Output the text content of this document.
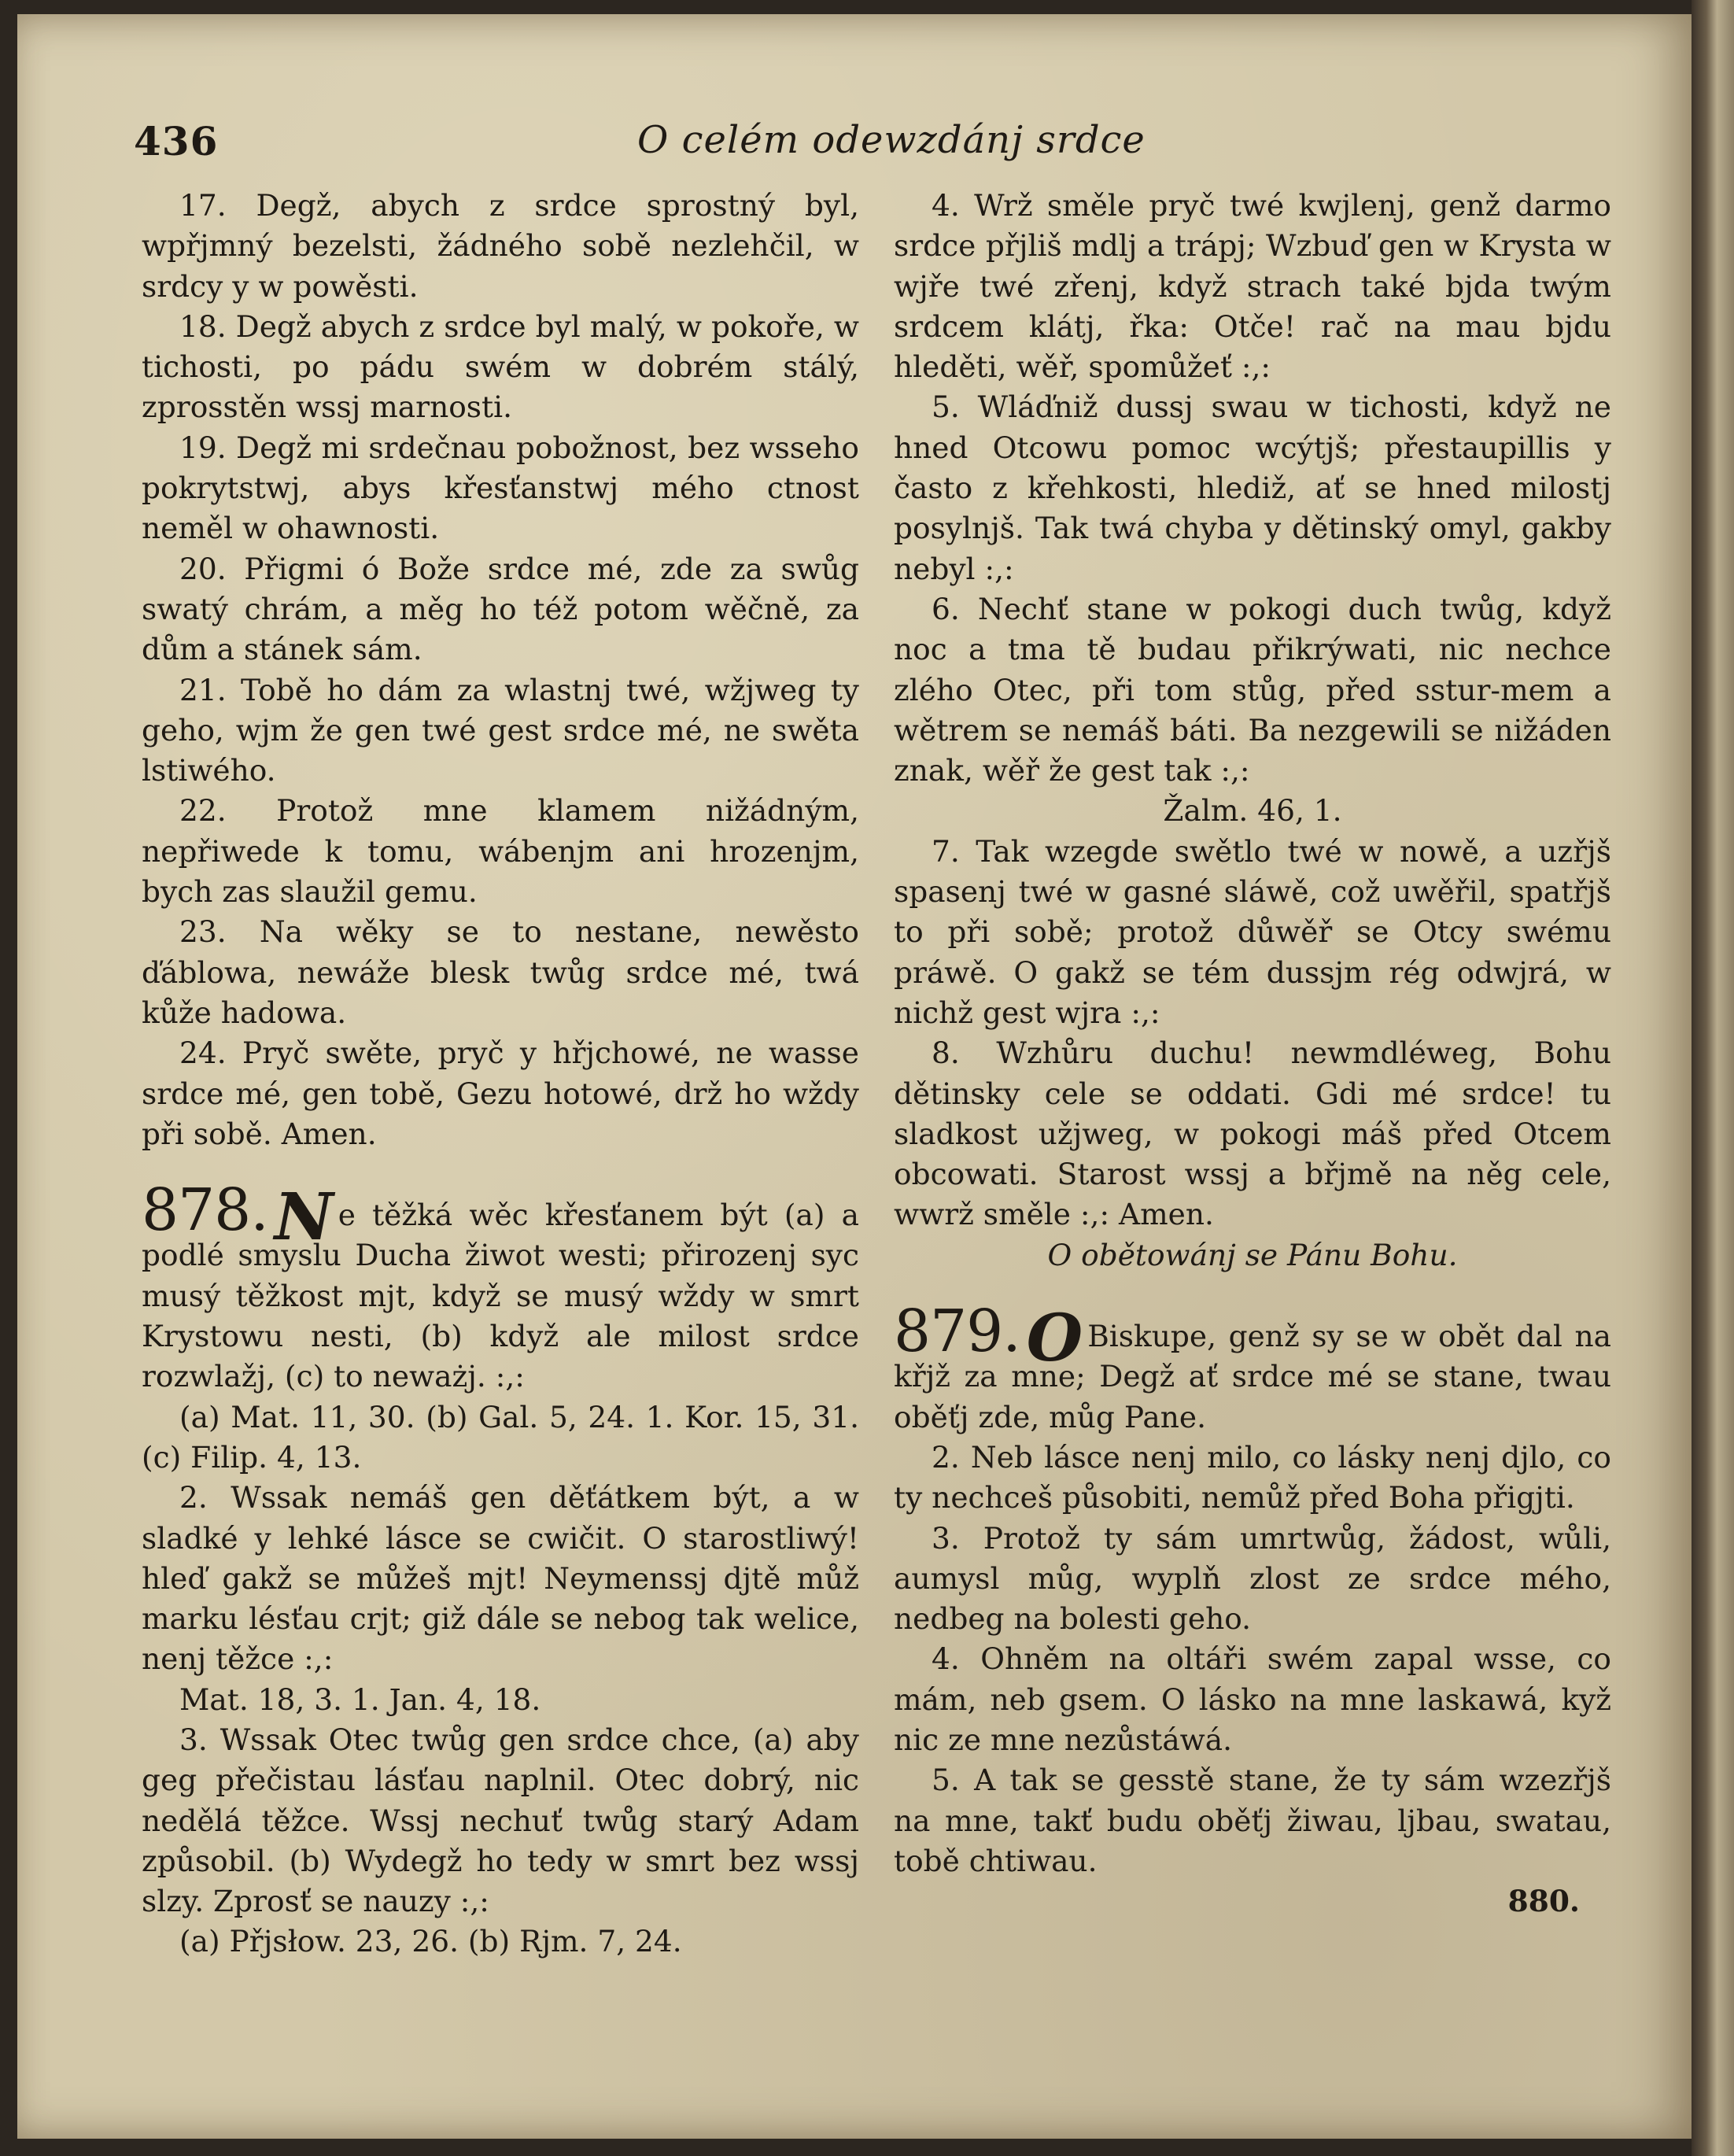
436	O celém odewzdánj srdce

17. Degž, abych z srdce sprostný byl, wpřjmný bezelsti, žádného sobě nezlehčil, w srdcy y w powěsti.

18. Degž abych z srdce byl malý, w pokoře, w tichosti, po pádu swém w dobrém stálý, zprosstěn wssj marnosti.

19. Degž mi srdečnau pobožnost, bez wsseho pokrytstwj, abys křesťanstwj mého ctnost neměl w ohawnosti.

20. Přigmi ó Bože srdce mé, zde za swůg swatý chrám, a měg ho též potom wěčně, za dům a stánek sám.

21. Tobě ho dám za wlastnj twé, wžjweg ty geho, wjm že gen twé gest srdce mé, ne swěta lstiwého.

22. Protož mne klamem nižádným, nepřiwede k tomu, wábenjm ani hrozenjm, bych zas slaužil gemu.

23. Na wěky se to nestane, newěsto ďáblowa, newáže blesk twůg srdce mé, twá kůže hadowa.

24. Pryč swěte, pryč y hřjchowé, ne wasse srdce mé, gen tobě, Gezu hotowé, drž ho wždy při sobě. Amen.

878.N e těžká wěc křesťanem být (a) a podlé smyslu Ducha žiwot westi; přirozenj syc musý těžkost mjt, když se musý wždy w smrt Krystowu nesti, (b) když ale milost srdce rozwlažj, (c) to neważj. :,:

(a) Mat. 11, 30. (b) Gal. 5, 24. 1. Kor. 15, 31. (c) Filip. 4, 13.

2. Wssak nemáš gen děťátkem být, a w sladké y lehké lásce se cwičit. O starostliwý! hleď gakž se můžeš mjt! Neymenssj djtě můž marku lésťau crjt; giž dále se nebog tak welice, nenj těžce :,:

Mat. 18, 3. 1. Jan. 4, 18.

3. Wssak Otec twůg gen srdce chce, (a) aby geg přečistau lásťau naplnil. Otec dobrý, nic nedělá těžce. Wssj nechuť twůg starý Adam způsobil. (b) Wydegž ho tedy w smrt bez wssj slzy. Zprosť se nauzy :,:

(a) Přjsłow. 23, 26. (b) Rjm. 7, 24.

4. Wrž směle pryč twé kwjlenj, genž darmo srdce přjliš mdlj a trápj; Wzbuď gen w Krysta w wjře twé zřenj, když strach také bjda twým srdcem klátj, řka: Otče! rač na mau bjdu hleděti, wěř, spomůžeť :,:

5. Wláďniž dussj swau w tichosti, když ne hned Otcowu pomoc wcýtjš; přestaupillis y často z křehkosti, hlediž, ať se hned milostj posylnjš. Tak twá chyba y dětinský omyl, gakby nebyl :,:

6. Nechť stane w pokogi duch twůg, když noc a tma tě budau přikrýwati, nic nechce zlého Otec, při tom stůg, před sstur-mem a wětrem se nemáš báti. Ba nezgewili se nižáden znak, wěř že gest tak :,:

Žalm. 46, 1.

7. Tak wzegde swětlo twé w nowě, a uzřjš spasenj twé w gasné sláwě, což uwěřil, spatřjš to při sobě; protož důwěř se Otcy swému práwě. O gakž se tém dussjm rég odwjrá, w nichž gest wjra :,:

8. Wzhůru duchu! newmdléweg, Bohu dětinsky cele se oddati. Gdi mé srdce! tu sladkost užjweg, w pokogi máš před Otcem obcowati. Starost wssj a břjmě na něg cele, wwrž směle :,: Amen.

O obětowánj se Pánu Bohu.

879.O Biskupe, genž sy se w obět dal na křjž za mne; Degž ať srdce mé se stane, twau oběťj zde, můg Pane.

2. Neb lásce nenj milo, co lásky nenj djlo, co ty nechceš působiti, nemůž před Boha přigjti.

3. Protož ty sám umrtwůg, žádost, wůli, aumysl můg, wyplň zlost ze srdce mého, nedbeg na bolesti geho.

4. Ohněm na oltáři swém zapal wsse, co mám, neb gsem. O lásko na mne laskawá, kyž nic ze mne nezůstáwá.

5. A tak se gesstě stane, že ty sám wzezřjš na mne, takť budu oběťj žiwau, ljbau, swatau, tobě chtiwau.

880.
